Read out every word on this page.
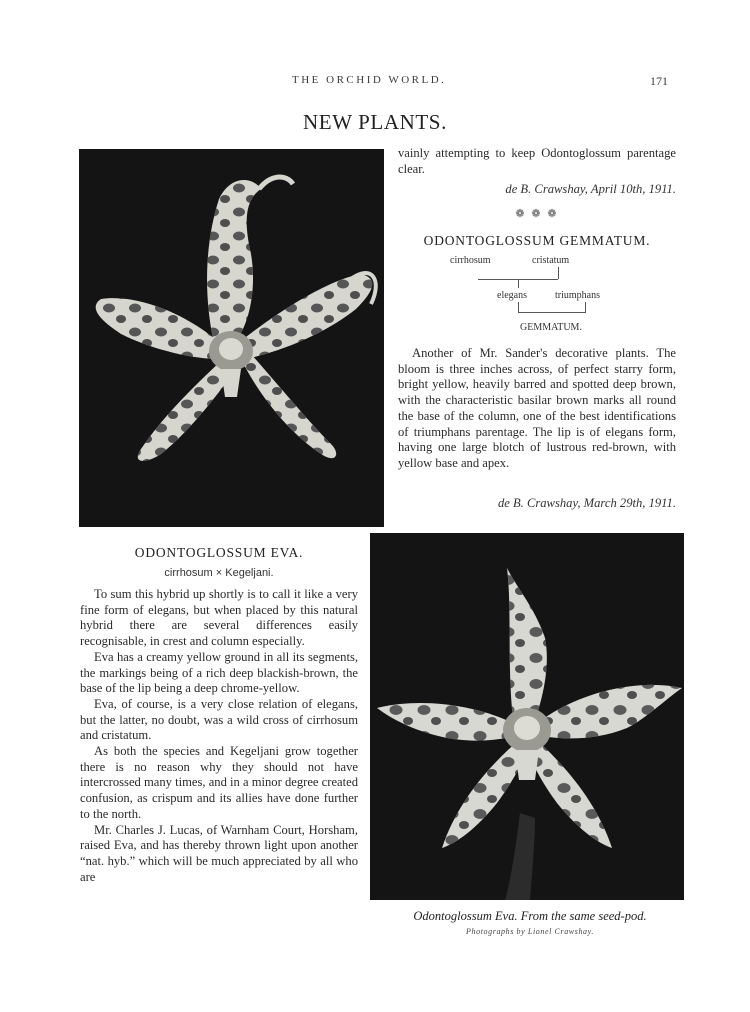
THE ORCHID WORLD.	171
NEW PLANTS.
vainly attempting to keep Odontoglossum parentage clear.
de B. Crawshay, April 10th, 1911.
❁ ❁ ❁
ODONTOGLOSSUM GEMMATUM.
cirrhosum	cristatum
elegans	triumphans
GEMMATUM.

Another of Mr. Sander's decorative plants. The bloom is three inches across, of perfect starry form, bright yellow, heavily barred and spotted deep brown, with the characteristic basilar brown marks all round the base of the column, one of the best identifications of triumphans parentage. The lip is of elegans form, having one large blotch of lustrous red-brown, with yellow base and apex.

de B. Crawshay, March 29th, 1911.
ODONTOGLOSSUM EVA.
cirrhosum × Kegeljani.

To sum this hybrid up shortly is to call it like a very fine form of elegans, but when placed by this natural hybrid there are several differences easily recognisable, in crest and column especially.

Eva has a creamy yellow ground in all its segments, the markings being of a rich deep blackish-brown, the base of the lip being a deep chrome-yellow.

Eva, of course, is a very close relation of elegans, but the latter, no doubt, was a wild cross of cirrhosum and cristatum.

As both the species and Kegeljani grow together there is no reason why they should not have intercrossed many times, and in a minor degree created confusion, as crispum and its allies have done further to the north.

Mr. Charles J. Lucas, of Warnham Court, Horsham, raised Eva, and has thereby thrown light upon another “nat. hyb.” which will be much appreciated by all who are

Odontoglossum Eva. From the same seed-pod.
Photographs by Lionel Crawshay.
